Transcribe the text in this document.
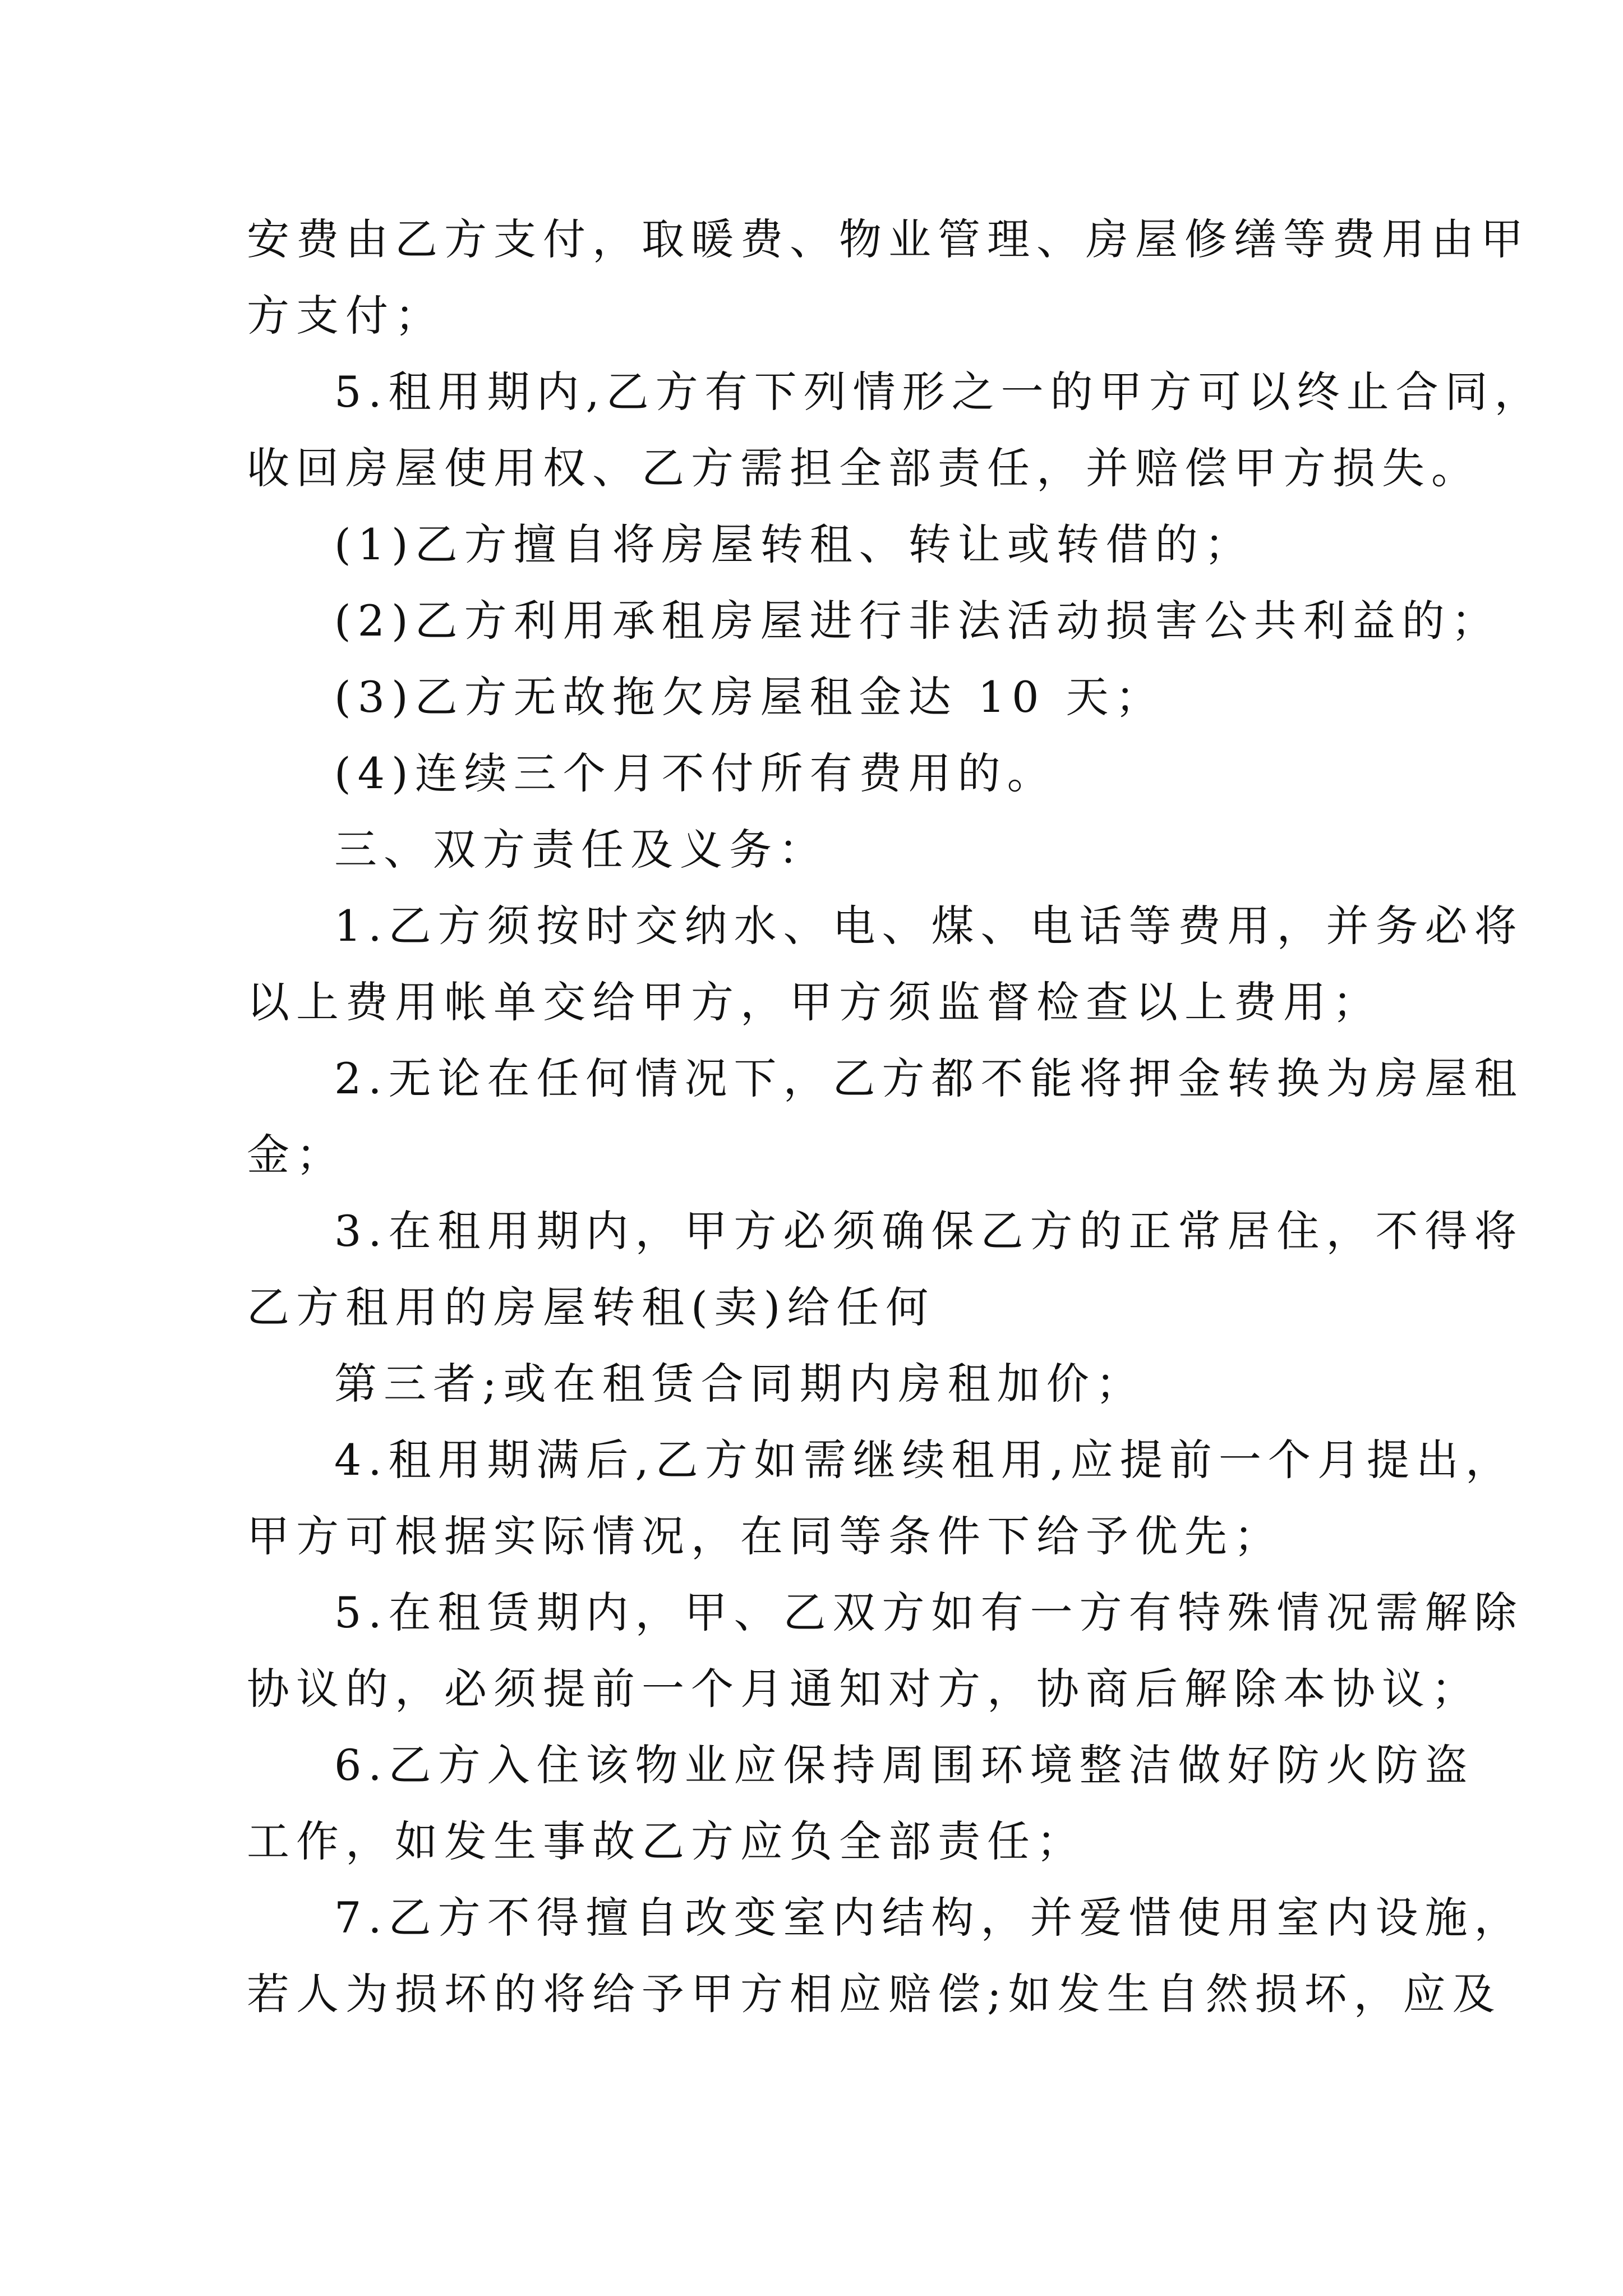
安费由乙方支付，取暖费、物业管理、房屋修缮等费用由甲
方支付；
5.租用期内,乙方有下列情形之一的甲方可以终止合同，
收回房屋使用权、乙方需担全部责任，并赔偿甲方损失。
(1)乙方擅自将房屋转租、转让或转借的；
(2)乙方利用承租房屋进行非法活动损害公共利益的；
(3)乙方无故拖欠房屋租金达 10 天；
(4)连续三个月不付所有费用的。
三、双方责任及义务：
1.乙方须按时交纳水、电、煤、电话等费用，并务必将
以上费用帐单交给甲方，甲方须监督检查以上费用；
2.无论在任何情况下，乙方都不能将押金转换为房屋租
金；
3.在租用期内，甲方必须确保乙方的正常居住，不得将
乙方租用的房屋转租(卖)给任何
第三者;或在租赁合同期内房租加价；
4.租用期满后,乙方如需继续租用,应提前一个月提出，
甲方可根据实际情况，在同等条件下给予优先；
5.在租赁期内，甲、乙双方如有一方有特殊情况需解除
协议的，必须提前一个月通知对方，协商后解除本协议；
6.乙方入住该物业应保持周围环境整洁做好防火防盗
工作，如发生事故乙方应负全部责任；
7.乙方不得擅自改变室内结构，并爱惜使用室内设施，
若人为损坏的将给予甲方相应赔偿;如发生自然损坏，应及
